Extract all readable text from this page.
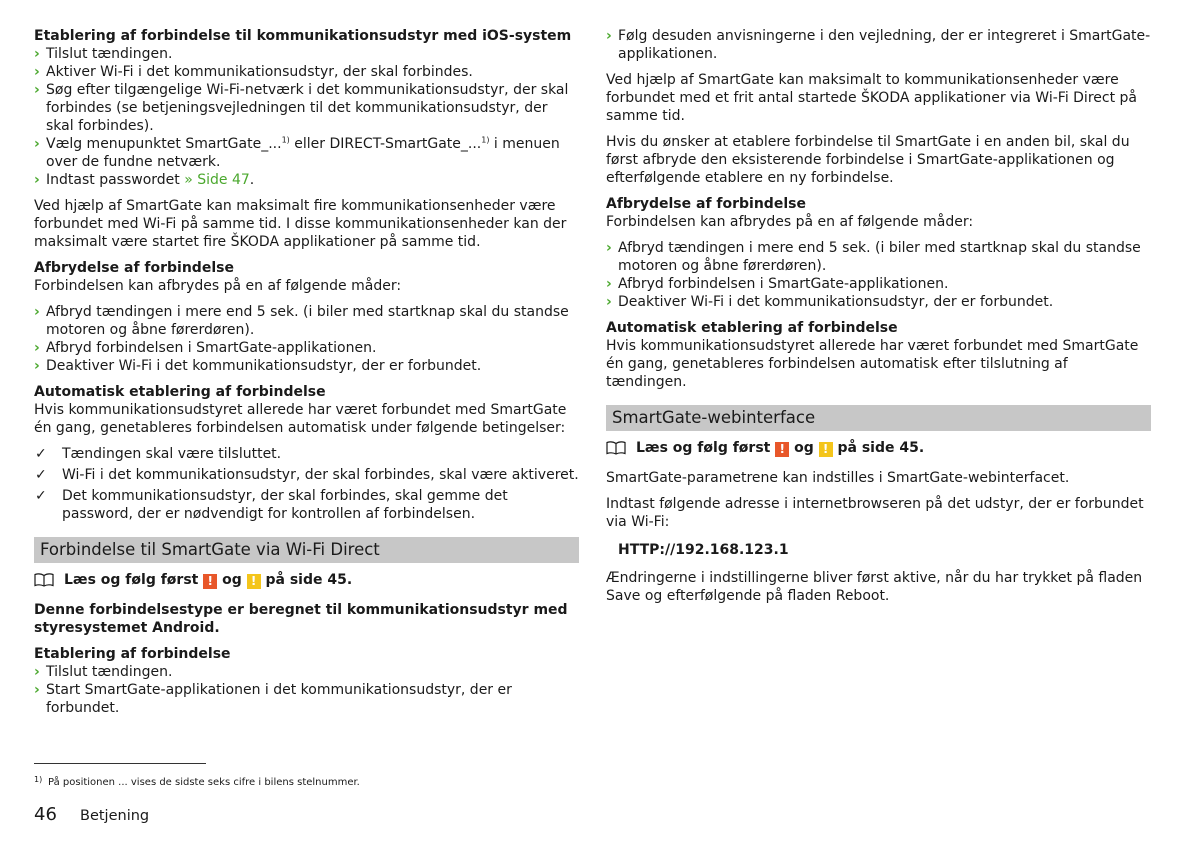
Etablering af forbindelse til kommunikationsudstyr med iOS-system

› Tilslut tændingen.
› Aktiver Wi-Fi i det kommunikationsudstyr, der skal forbindes.
› Søg efter tilgængelige Wi-Fi-netværk i det kommunikationsudstyr, der skal forbindes (se betjeningsvejledningen til det kommunikationsudstyr, der skal forbindes).
› Vælg menupunktet SmartGate_...$^{1)}$ eller DIRECT-SmartGate_...$^{1)}$ i menuen over de fundne netværk.
› Indtast passwordet » Side 47.

Ved hjælp af SmartGate kan maksimalt fire kommunikationsenheder være forbundet med Wi-Fi på samme tid. I disse kommunikationsenheder kan der maksimalt være startet fire ŠKODA applikationer på samme tid.

Afbrydelse af forbindelse

Forbindelsen kan afbrydes på en af følgende måder:

› Afbryd tændingen i mere end 5 sek. (i biler med startknap skal du standse motoren og åbne førerdøren).
› Afbryd forbindelsen i SmartGate-applikationen.
› Deaktiver Wi-Fi i det kommunikationsudstyr, der er forbundet.

Automatisk etablering af forbindelse

Hvis kommunikationsudstyret allerede har været forbundet med SmartGate én gang, genetableres forbindelsen automatisk under følgende betingelser:

✓ Tændingen skal være tilsluttet.
✓ Wi-Fi i det kommunikationsudstyr, der skal forbindes, skal være aktiveret.
✓ Det kommunikationsudstyr, der skal forbindes, skal gemme det password, der er nødvendigt for kontrollen af forbindelsen.
Forbindelse til SmartGate via Wi-Fi Direct
Læs og følg først ! og ! på side 45.

Denne forbindelsestype er beregnet til kommunikationsudstyr med styresystemet Android.

Etablering af forbindelse

› Tilslut tændingen.
› Start SmartGate-applikationen i det kommunikationsudstyr, der er forbundet.
› Følg desuden anvisningerne i den vejledning, der er integreret i SmartGate-applikationen.

Ved hjælp af SmartGate kan maksimalt to kommunikationsenheder være forbundet med et frit antal startede ŠKODA applikationer via Wi-Fi Direct på samme tid.

Hvis du ønsker at etablere forbindelse til SmartGate i en anden bil, skal du først afbryde den eksisterende forbindelse i SmartGate-applikationen og efterfølgende etablere en ny forbindelse.

Afbrydelse af forbindelse

Forbindelsen kan afbrydes på en af følgende måder:

› Afbryd tændingen i mere end 5 sek. (i biler med startknap skal du standse motoren og åbne førerdøren).
› Afbryd forbindelsen i SmartGate-applikationen.
› Deaktiver Wi-Fi i det kommunikationsudstyr, der er forbundet.

Automatisk etablering af forbindelse

Hvis kommunikationsudstyret allerede har været forbundet med SmartGate én gang, genetableres forbindelsen automatisk efter tilslutning af tændingen.

SmartGate-webinterface
Læs og følg først ! og ! på side 45.

SmartGate-parametrene kan indstilles i SmartGate-webinterfacet.

Indtast følgende adresse i internetbrowseren på det udstyr, der er forbundet via Wi-Fi:

HTTP://192.168.123.1

Ændringerne i indstillingerne bliver først aktive, når du har trykket på fladen Save og efterfølgende på fladen Reboot.

1) På positionen ... vises de sidste seks cifre i bilens stelnummer.
46 Betjening
